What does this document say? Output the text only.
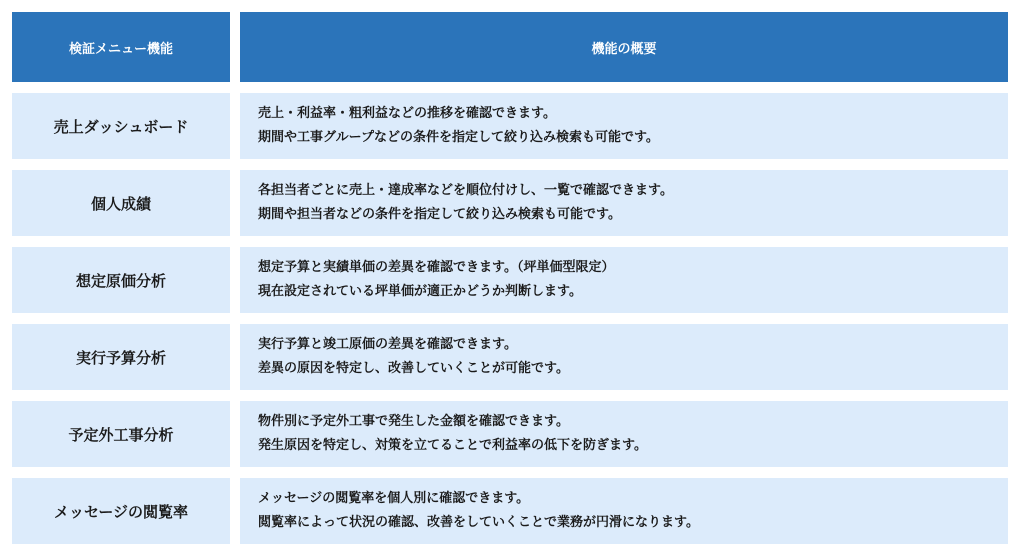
検証メニュー機能	機能の概要
売上ダッシュボード
売上・利益率・粗利益などの推移を確認できます。
期間や工事グループなどの条件を指定して絞り込み検索も可能です。
個人成績
各担当者ごとに売上・達成率などを順位付けし、一覧で確認できます。
期間や担当者などの条件を指定して絞り込み検索も可能です。
想定原価分析
想定予算と実績単価の差異を確認できます。（坪単価型限定）
現在設定されている坪単価が適正かどうか判断します。
実行予算分析
実行予算と竣工原価の差異を確認できます。
差異の原因を特定し、改善していくことが可能です。
予定外工事分析
物件別に予定外工事で発生した金額を確認できます。
発生原因を特定し、対策を立てることで利益率の低下を防ぎます。
メッセージの閲覧率
メッセージの閲覧率を個人別に確認できます。
閲覧率によって状況の確認、改善をしていくことで業務が円滑になります。
